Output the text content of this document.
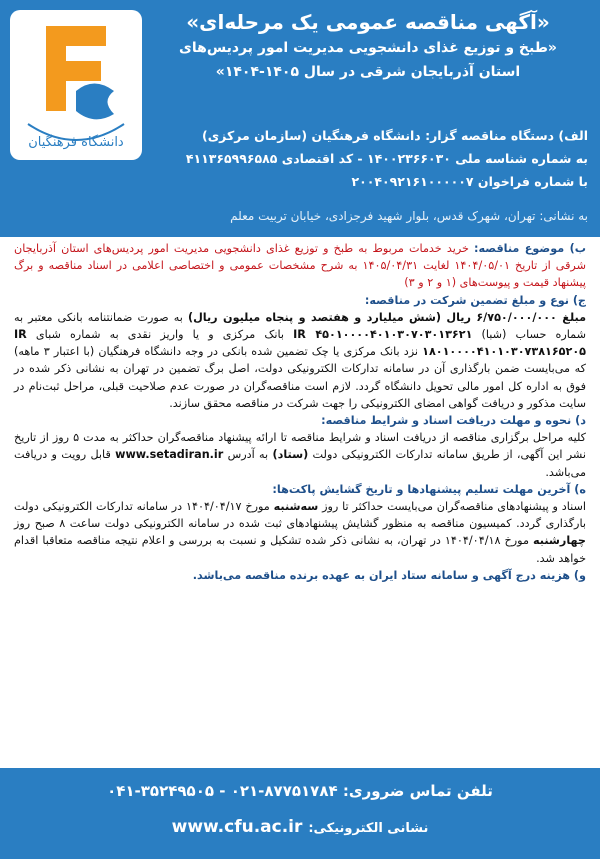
دانشگاه فرهنگیان

«آگهی مناقصه عمومی یک مرحله‌ای»

«طبخ و توزیع غذای دانشجویی مدیریت امور پردیس‌های

استان آذربایجان شرقی در سال ۱۴۰۵-۱۴۰۴»

الف) دستگاه مناقصه گزار: دانشگاه فرهنگیان (سازمان مرکزی)
به شماره شناسه ملی ۱۴۰۰۲۳۶۶۰۳۰ - کد اقتصادی ۴۱۱۳۶۵۹۹۶۵۸۵
با شماره فراخوان ۲۰۰۴۰۹۲۱۶۱۰۰۰۰۰۷
به نشانی: تهران، شهرک قدس، بلوار شهید فرجزادی، خیابان تربیت معلم
ب) موضوع مناقصه: خرید خدمات مربوط به طبخ و توزیع غذای دانشجویی مدیریت امور پردیس‌های استان آذربایجان شرقی از تاریخ ۱۴۰۴/۰۵/۰۱ لغایت ۱۴۰۵/۰۴/۳۱ به شرح مشخصات عمومی و اختصاصی اعلامی در اسناد مناقصه و برگ پیشنهاد قیمت و پیوست‌های (۱ و ۲ و ۳)
ج) نوع و مبلغ تضمین شرکت در مناقصه:
مبلغ ۶/۷۵۰/۰۰۰/۰۰۰ ریال (شش میلیارد و هفتصد و پنجاه میلیون ریال) به صورت ضمانتنامه بانکی معتبر به شماره حساب (شبا) IR ۴۵۰۱۰۰۰۰۴۰۱۰۳۰۷۰۳۰۱۳۶۲۱ بانک مرکزی و یا واریز نقدی به شماره شبای IR ۱۸۰۱۰۰۰۰۴۱۰۱۰۳۰۷۳۸۱۶۵۲۰۵ نزد بانک مرکزی یا چک تضمین شده بانکی در وجه دانشگاه فرهنگیان (با اعتبار ۳ ماهه) که می‌بایست ضمن بارگذاری آن در سامانه تدارکات الکترونیکی دولت، اصل برگ تضمین در تهران به نشانی ذکر شده در فوق به اداره کل امور مالی تحویل دانشگاه گردد. لازم است مناقصه‌گران در صورت عدم صلاحیت قبلی، مراحل ثبت‌نام در سایت مذکور و دریافت گواهی امضای الکترونیکی را جهت شرکت در مناقصه محقق سازند.
د) نحوه و مهلت دریافت اسناد و شرایط مناقصه:
کلیه مراحل برگزاری مناقصه از دریافت اسناد و شرایط مناقصه تا ارائه پیشنهاد مناقصه‌گران حداکثر به مدت ۵ روز از تاریخ نشر این آگهی، از طریق سامانه تدارکات الکترونیکی دولت (ستاد) به آدرس www.setadiran.ir قابل رویت و دریافت می‌باشد.
ه) آخرین مهلت تسلیم پیشنهادها و تاریخ گشایش پاکت‌ها:
اسناد و پیشنهادهای مناقصه‌گران می‌بایست حداکثر تا روز سه‌شنبه مورخ ۱۴۰۴/۰۴/۱۷ در سامانه تدارکات الکترونیکی دولت بارگذاری گردد. کمیسیون مناقصه به منظور گشایش پیشنهادهای ثبت شده در سامانه الکترونیکی دولت ساعت ۸ صبح روز چهارشنبه مورخ ۱۴۰۴/۰۴/۱۸ در تهران، به نشانی ذکر شده تشکیل و نسبت به بررسی و اعلام نتیجه مناقصه متعاقبا اقدام خواهد شد.
و) هزینه درج آگهی و سامانه ستاد ایران به عهده برنده مناقصه می‌باشد.
تلفن تماس ضروری: ۰۴۱-۳۵۲۴۹۵۰۵ - ۰۲۱-۸۷۷۵۱۷۸۴
نشانی الکترونیکی: www.cfu.ac.ir
